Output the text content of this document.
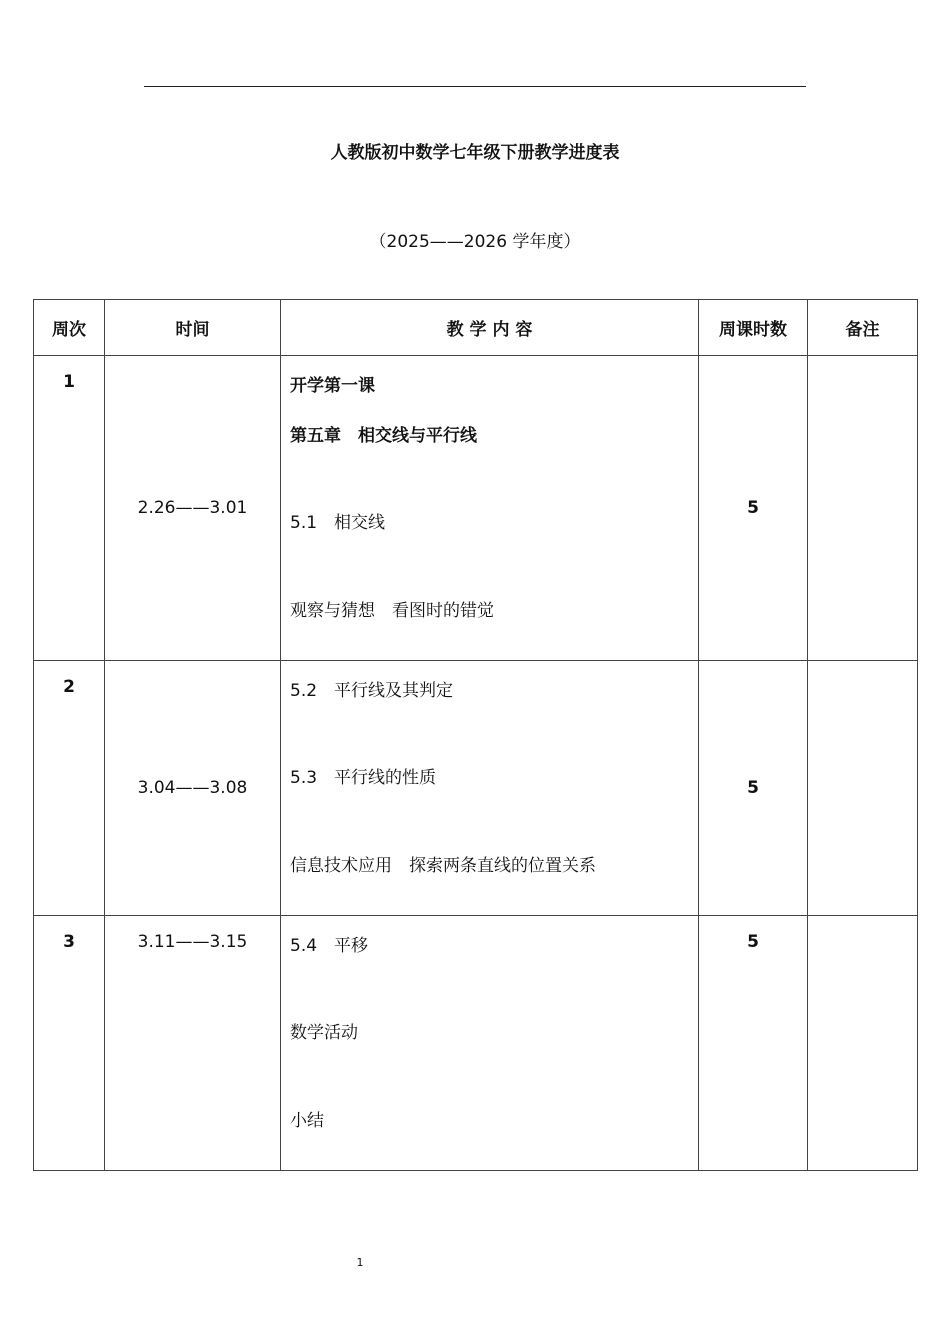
人教版初中数学七年级下册教学进度表
（2025——2026 学年度）
周次	时间	教 学 内 容	周课时数	备注

1	2.26——3.01	开学第一课
第五章　相交线与平行线
5.1　相交线
观察与猜想　看图时的错觉	5	

2	3.04——3.08	5.2　平行线及其判定
5.3　平行线的性质
信息技术应用　探索两条直线的位置关系	5	

3	3.11——3.15	5.4　平移
数学活动
小结	5	

1
